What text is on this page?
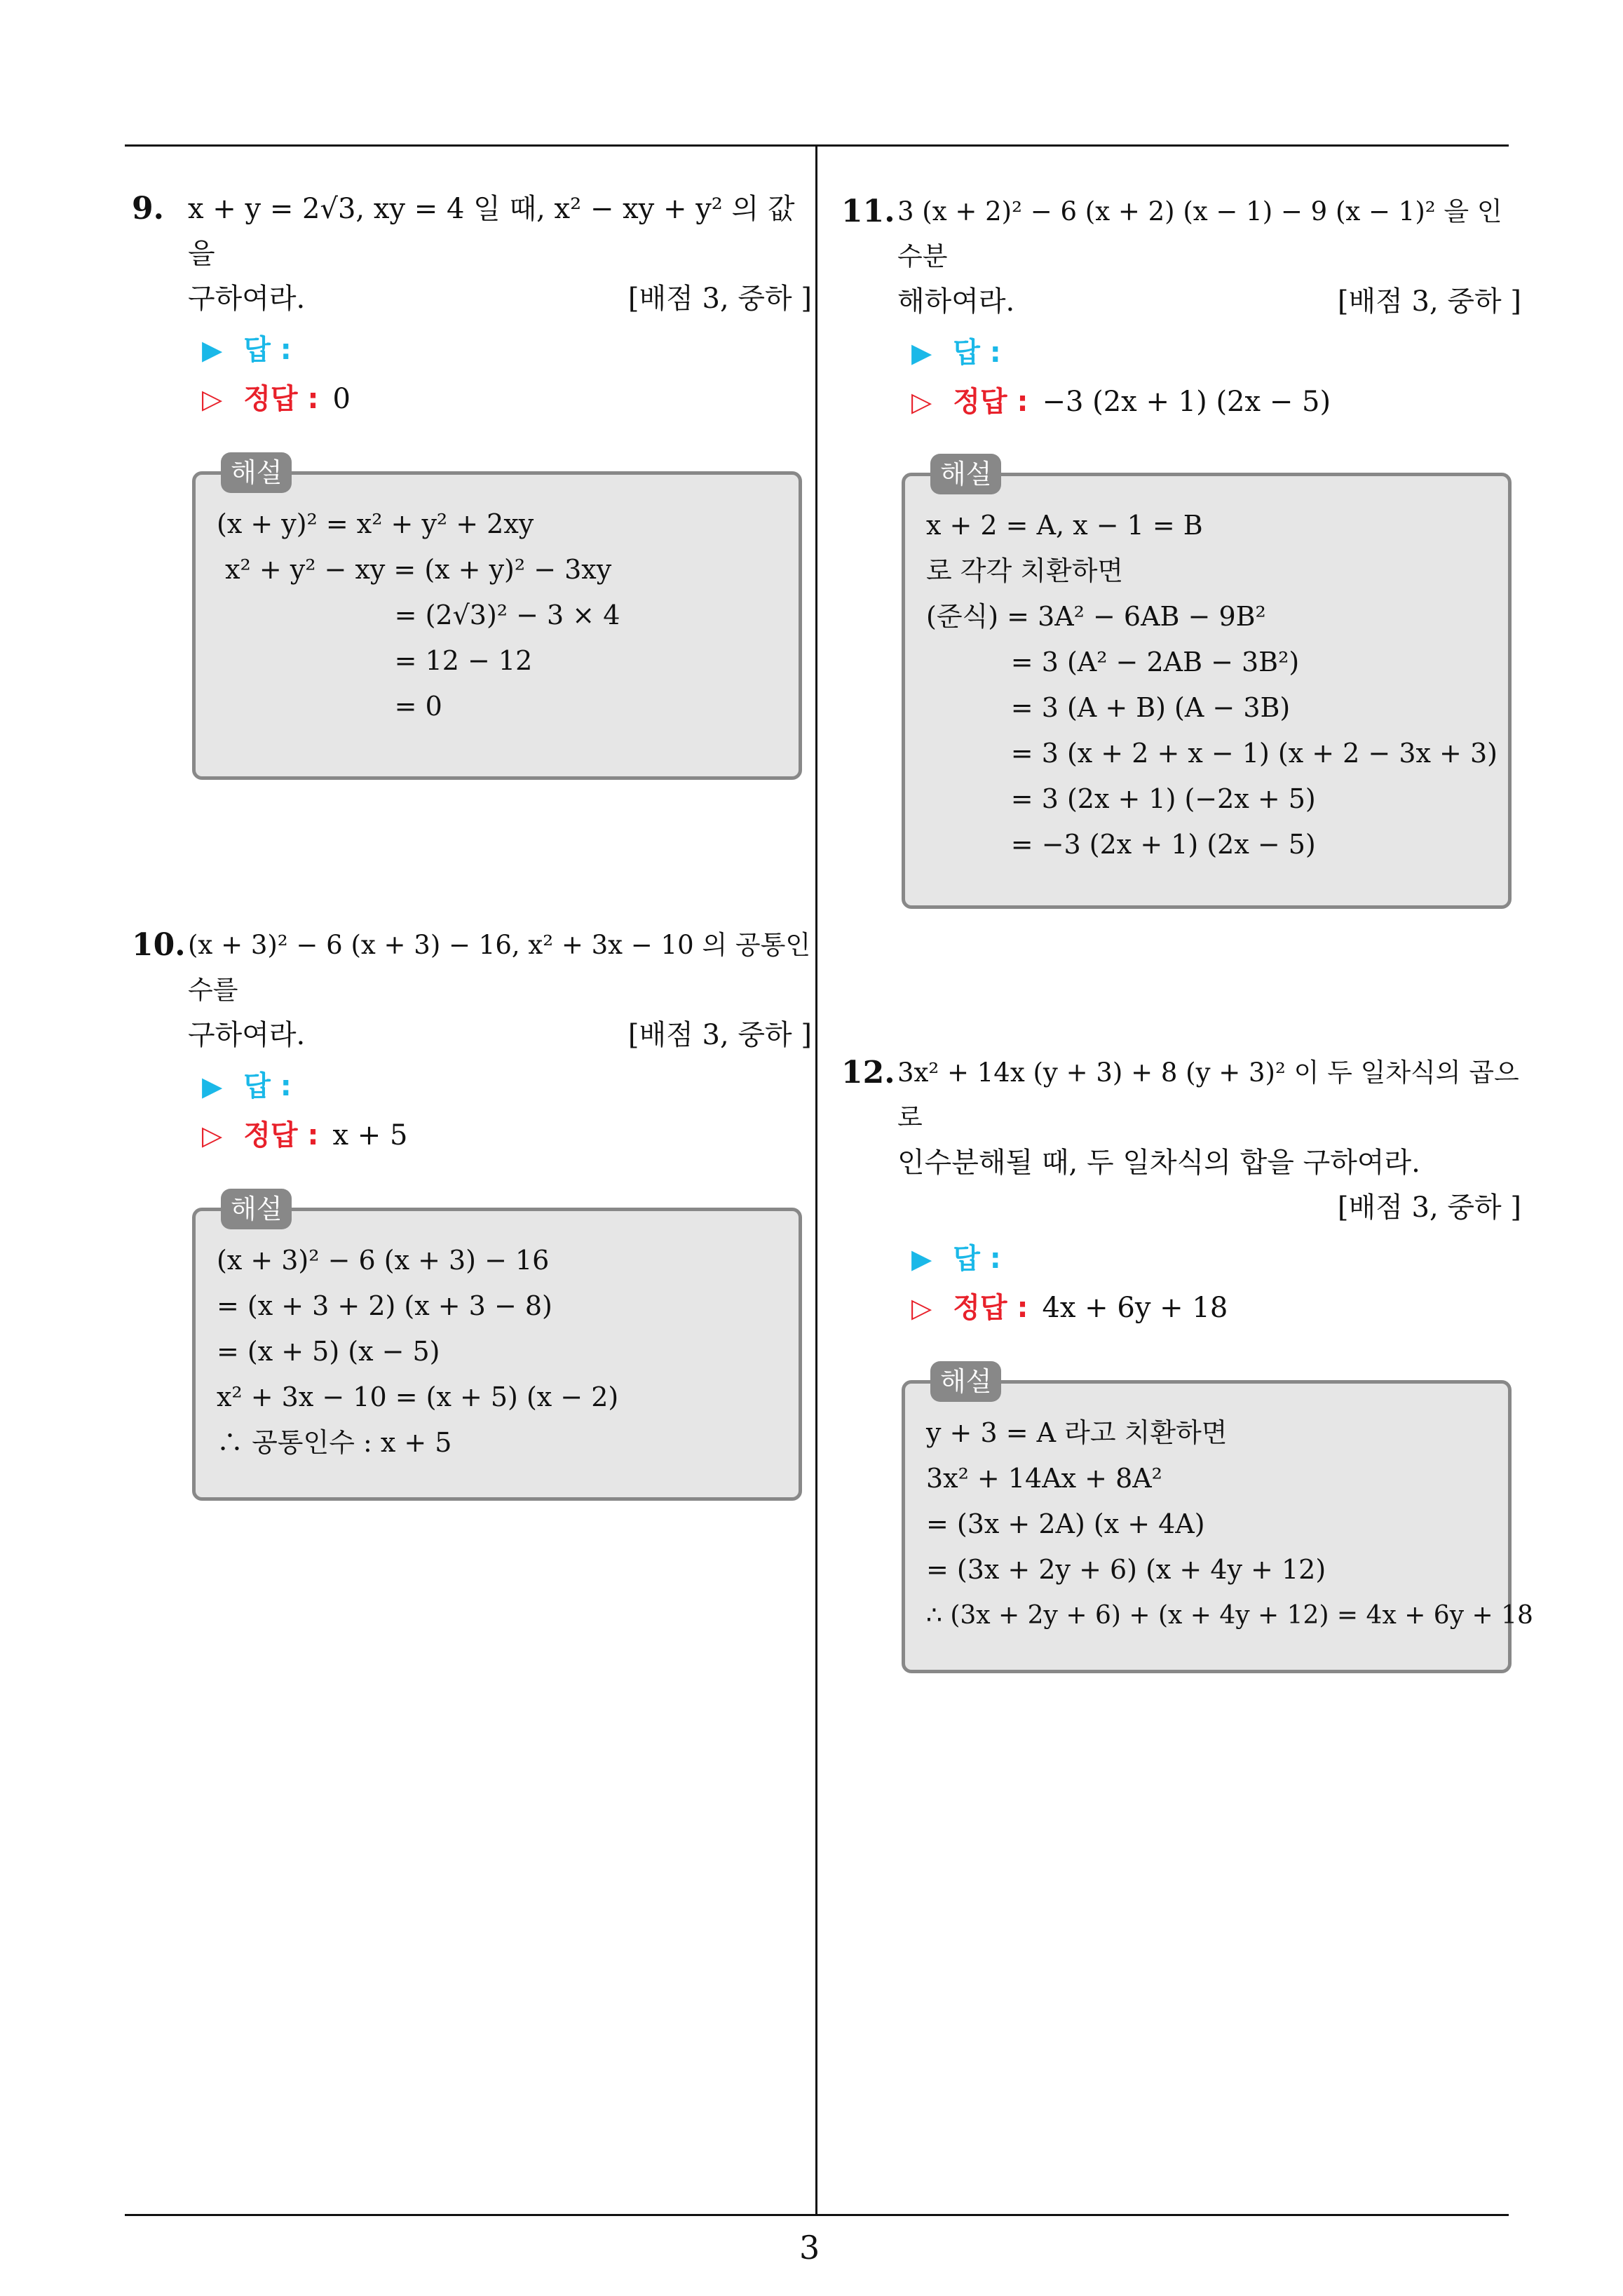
9. x + y = 2√3, xy = 4 일 때, x² − xy + y² 의 값을
구하여라.	[배점 3, 중하 ]
▶ 답 :
▷ 정답 : 0
해설
(x + y)² = x² + y² + 2xy
x² + y² − xy = (x + y)² − 3xy
= (2√3)² − 3 × 4
= 12 − 12
= 0
10. (x + 3)² − 6 (x + 3) − 16, x² + 3x − 10 의 공통인수를
구하여라.	[배점 3, 중하 ]
▶ 답 :
▷ 정답 : x + 5
해설
(x + 3)² − 6 (x + 3) − 16
= (x + 3 + 2) (x + 3 − 8)
= (x + 5) (x − 5)
x² + 3x − 10 = (x + 5) (x − 2)
∴ 공통인수 : x + 5
11. 3 (x + 2)² − 6 (x + 2) (x − 1) − 9 (x − 1)² 을 인수분
해하여라.	[배점 3, 중하 ]
▶ 답 :
▷ 정답 : −3 (2x + 1) (2x − 5)
해설
x + 2 = A, x − 1 = B
로 각각 치환하면
(준식) = 3A² − 6AB − 9B²
= 3 (A² − 2AB − 3B²)
= 3 (A + B) (A − 3B)
= 3 (x + 2 + x − 1) (x + 2 − 3x + 3)
= 3 (2x + 1) (−2x + 5)
= −3 (2x + 1) (2x − 5)
12. 3x² + 14x (y + 3) + 8 (y + 3)² 이 두 일차식의 곱으로
인수분해될 때, 두 일차식의 합을 구하여라.
[배점 3, 중하 ]
▶ 답 :
▷ 정답 : 4x + 6y + 18
해설
y + 3 = A 라고 치환하면
3x² + 14Ax + 8A²
= (3x + 2A) (x + 4A)
= (3x + 2y + 6) (x + 4y + 12)
∴ (3x + 2y + 6) + (x + 4y + 12) = 4x + 6y + 18
3
